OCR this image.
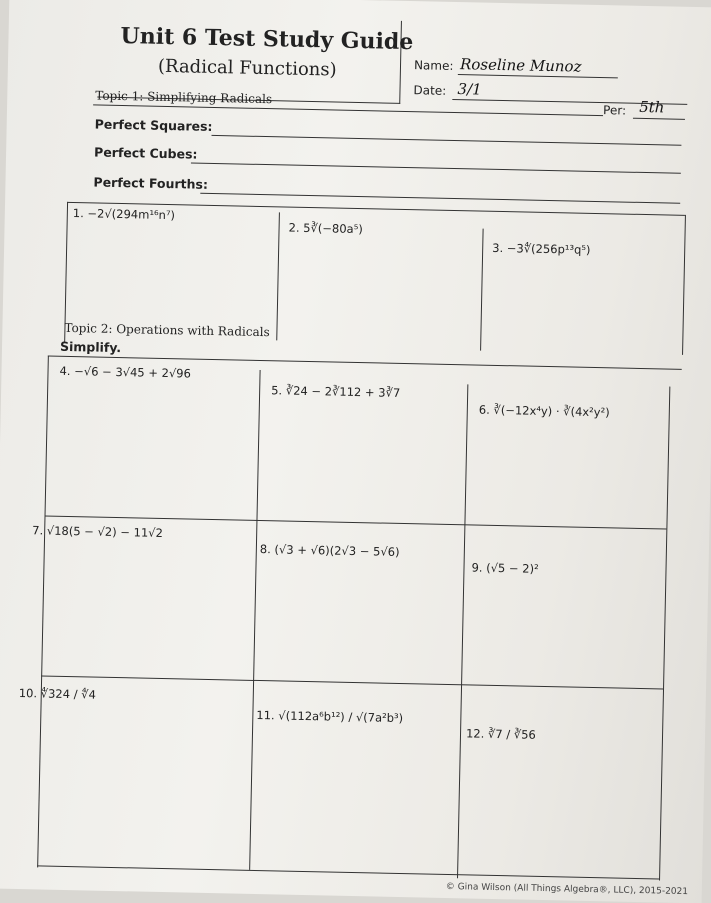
Unit 6 Test Study Guide
(Radical Functions)	Name: Roseline Munoz
Date: 3/1
Per: 5th
Topic 1: Simplifying Radicals
Perfect Squares:
Perfect Cubes:
Perfect Fourths:
1. −2√(294m¹⁶n⁷)
2. 5∛(−80a⁵)
3. −3∜(256p¹³q⁵)
Topic 2: Operations with Radicals
Simplify.
4. −√6 − 3√45 + 2√96
5. ∛24 − 2∛112 + 3∛7
6. ∛(−12x⁴y) · ∛(4x²y²)
7. √18(5 − √2) − 11√2
8. (√3 + √6)(2√3 − 5√6)
9. (√5 − 2)²
10. ∜324 / ∜4
11. √(112a⁶b¹²) / √(7a²b³)
12. ∛7 / ∛56
© Gina Wilson (All Things Algebra®, LLC), 2015-2021
